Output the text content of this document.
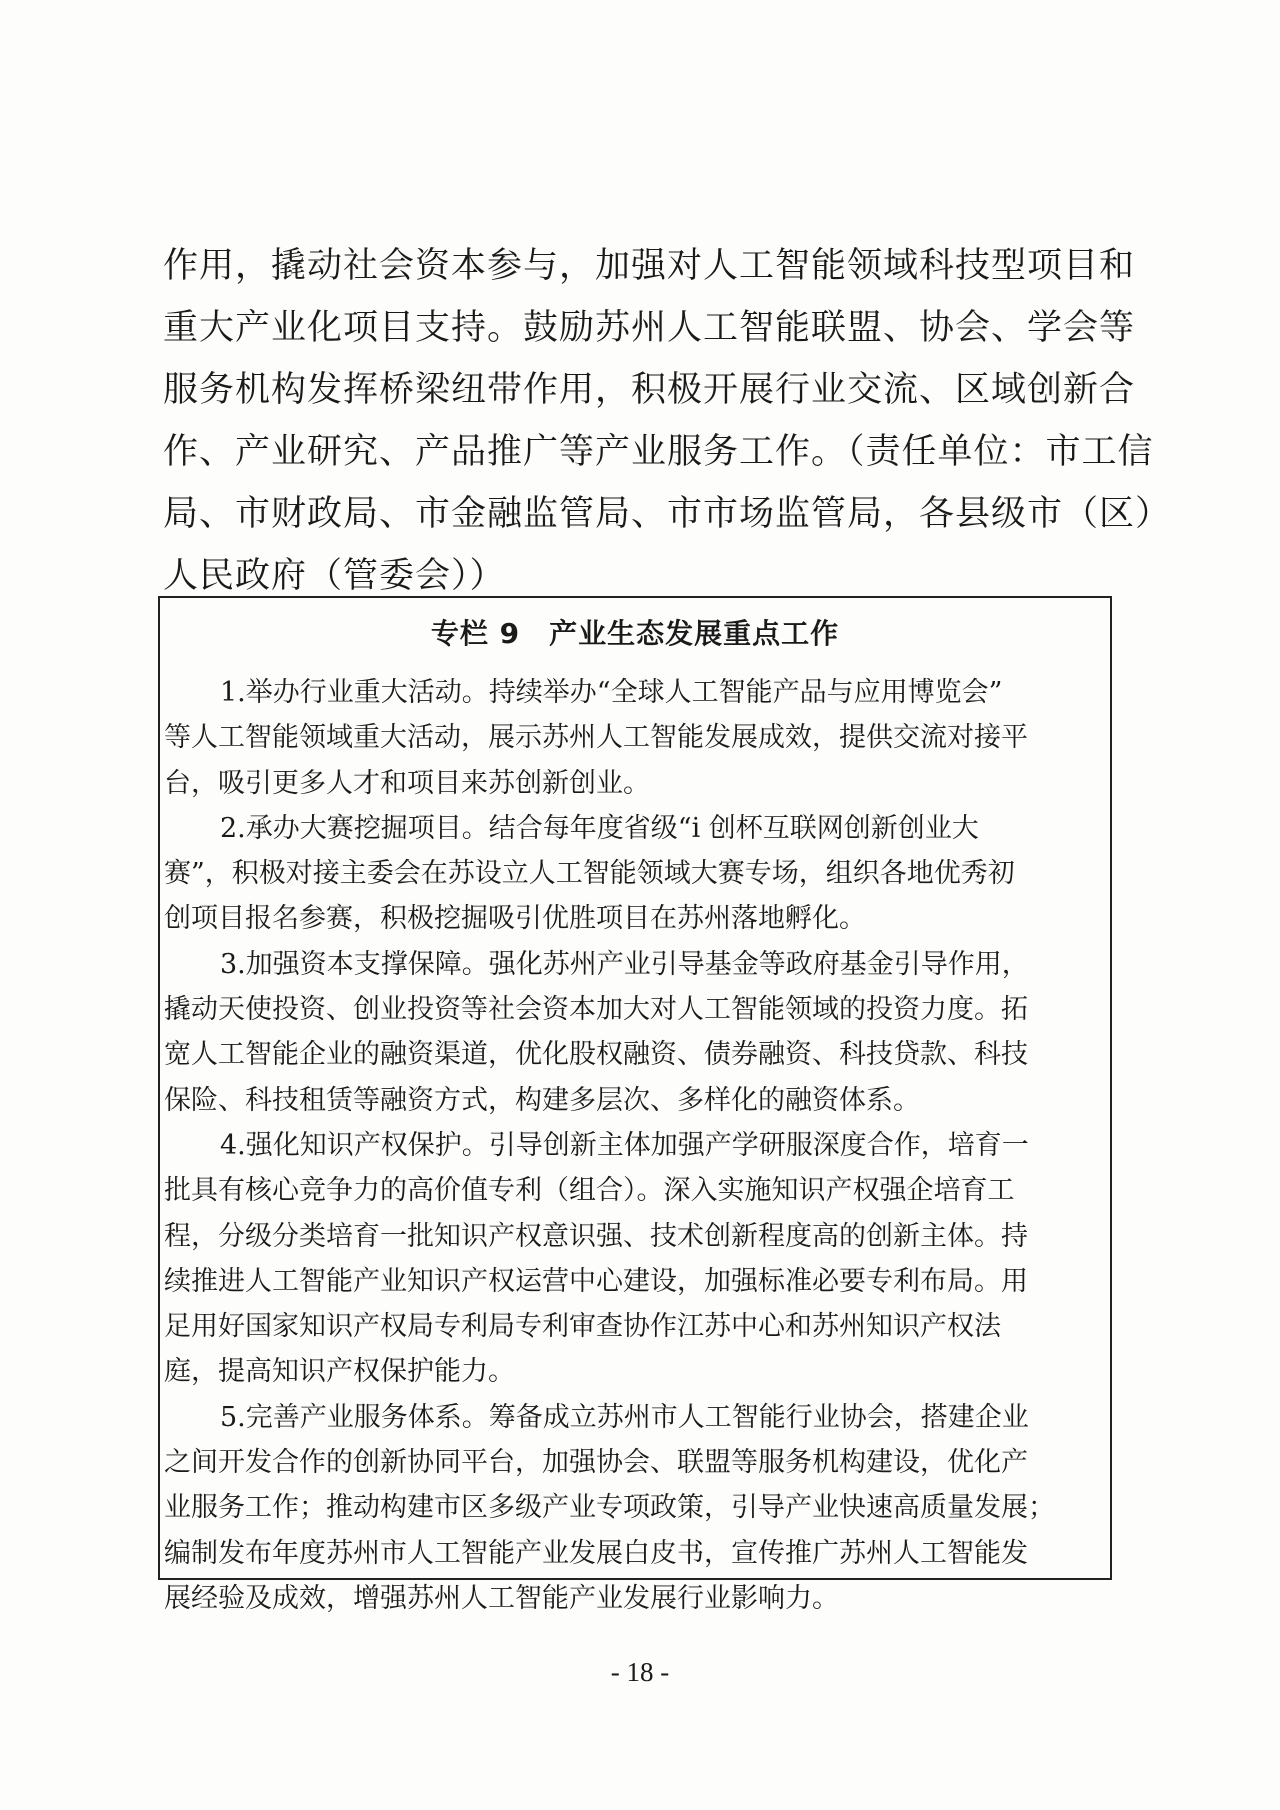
作用，撬动社会资本参与，加强对人工智能领域科技型项目和
重大产业化项目支持。鼓励苏州人工智能联盟、协会、学会等
服务机构发挥桥梁纽带作用，积极开展行业交流、区域创新合
作、产业研究、产品推广等产业服务工作。（责任单位：市工信
局、市财政局、市金融监管局、市市场监管局，各县级市（区）
人民政府（管委会））
专栏 9　产业生态发展重点工作
1.举办行业重大活动。持续举办“全球人工智能产品与应用博览会”
等人工智能领域重大活动，展示苏州人工智能发展成效，提供交流对接平
台，吸引更多人才和项目来苏创新创业。
2.承办大赛挖掘项目。结合每年度省级“i 创杯互联网创新创业大
赛”，积极对接主委会在苏设立人工智能领域大赛专场，组织各地优秀初
创项目报名参赛，积极挖掘吸引优胜项目在苏州落地孵化。
3.加强资本支撑保障。强化苏州产业引导基金等政府基金引导作用，
撬动天使投资、创业投资等社会资本加大对人工智能领域的投资力度。拓
宽人工智能企业的融资渠道，优化股权融资、债券融资、科技贷款、科技
保险、科技租赁等融资方式，构建多层次、多样化的融资体系。
4.强化知识产权保护。引导创新主体加强产学研服深度合作，培育一
批具有核心竞争力的高价值专利（组合）。深入实施知识产权强企培育工
程，分级分类培育一批知识产权意识强、技术创新程度高的创新主体。持
续推进人工智能产业知识产权运营中心建设，加强标准必要专利布局。用
足用好国家知识产权局专利局专利审查协作江苏中心和苏州知识产权法
庭，提高知识产权保护能力。
5.完善产业服务体系。筹备成立苏州市人工智能行业协会，搭建企业
之间开发合作的创新协同平台，加强协会、联盟等服务机构建设，优化产
业服务工作；推动构建市区多级产业专项政策，引导产业快速高质量发展；
编制发布年度苏州市人工智能产业发展白皮书，宣传推广苏州人工智能发
展经验及成效，增强苏州人工智能产业发展行业影响力。
- 18 -
